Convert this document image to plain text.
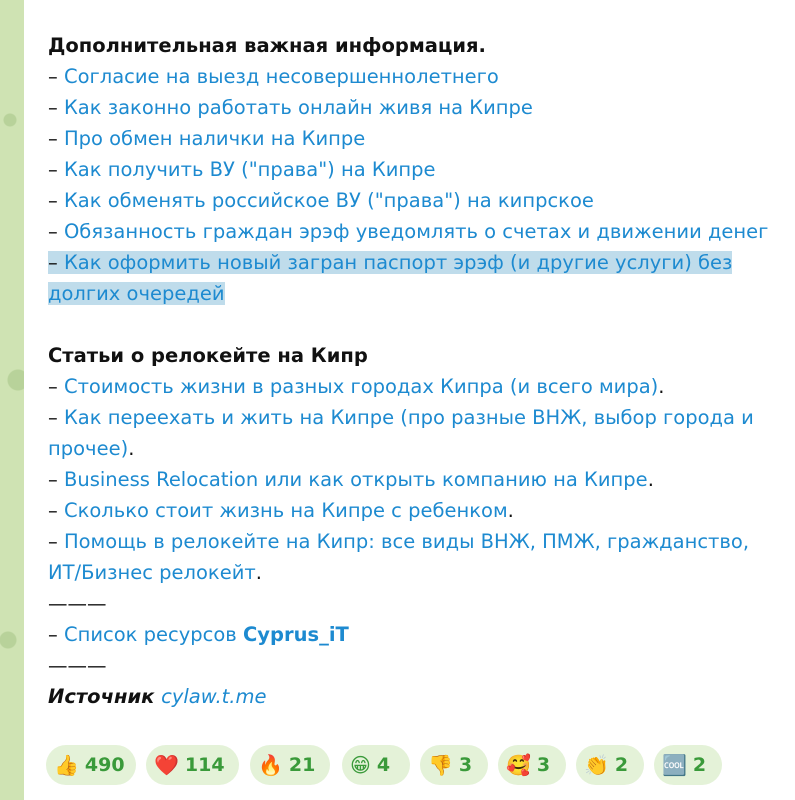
Дополнительная важная информация.
– Согласие на выезд несовершеннолетнего
– Как законно работать онлайн живя на Кипре
– Про обмен налички на Кипре
– Как получить ВУ ("права") на Кипре
– Как обменять российское ВУ ("права") на кипрское
– Обязанность граждан эрэф уведомлять о счетах и движении денег
– Как оформить новый загран паспорт эрэф (и другие услуги) без долгих очередей
Статьи о релокейте на Кипр
– Стоимость жизни в разных городах Кипра (и всего мира).
– Как переехать и жить на Кипре (про разные ВНЖ, выбор города и прочее).
– Business Relocation или как открыть компанию на Кипре.
– Сколько стоит жизнь на Кипре с ребенком.
– Помощь в релокейте на Кипр: все виды ВНЖ, ПМЖ, гражданство, ИТ/Бизнес релокейт.
———
– Список ресурсов Cyprus_iT
———
Источник cylaw.t.me
👍 490 ❤️ 114 🔥 21 😁 4 👎 3 🥰 3 👏 2 🆒 2
